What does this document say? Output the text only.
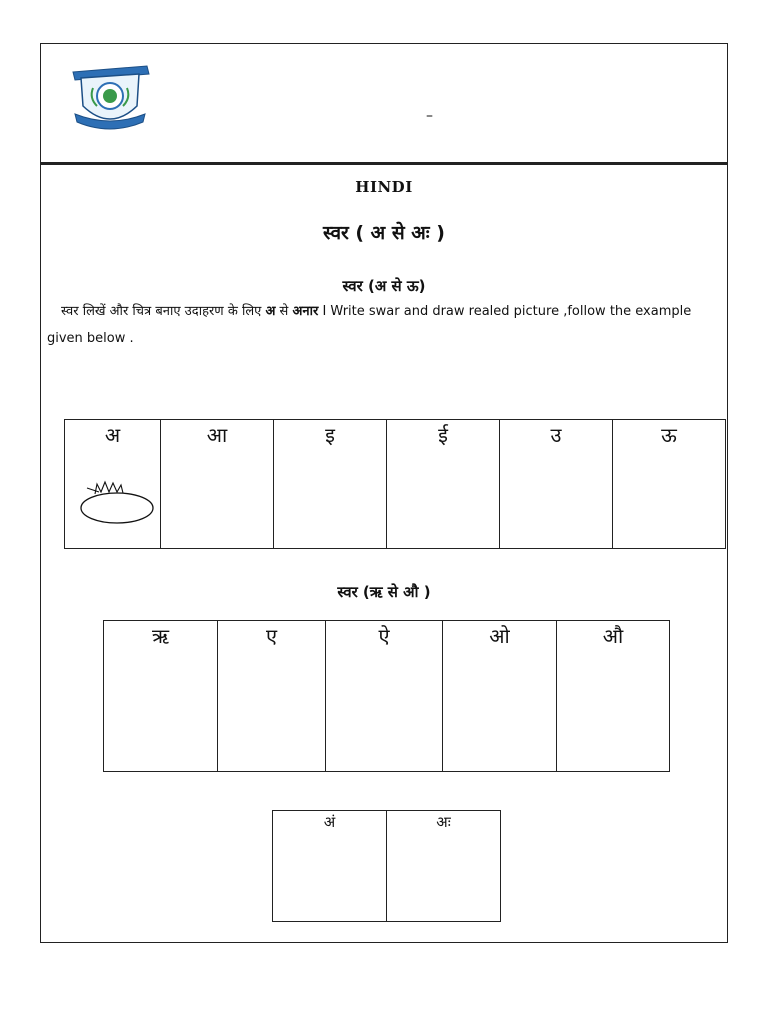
–
HINDI
स्वर ( अ से अः )
स्वर (अ से ऊ)
स्वर लिखें और चित्र बनाए उदाहरण के लिए अ से अनार I Write swar and draw realed picture ,follow the example given below .
अ	आ	इ	ई	उ	ऊ
स्वर (ऋ से औ )
ऋ	ए	ऐ	ओ	औ
अं	अः
